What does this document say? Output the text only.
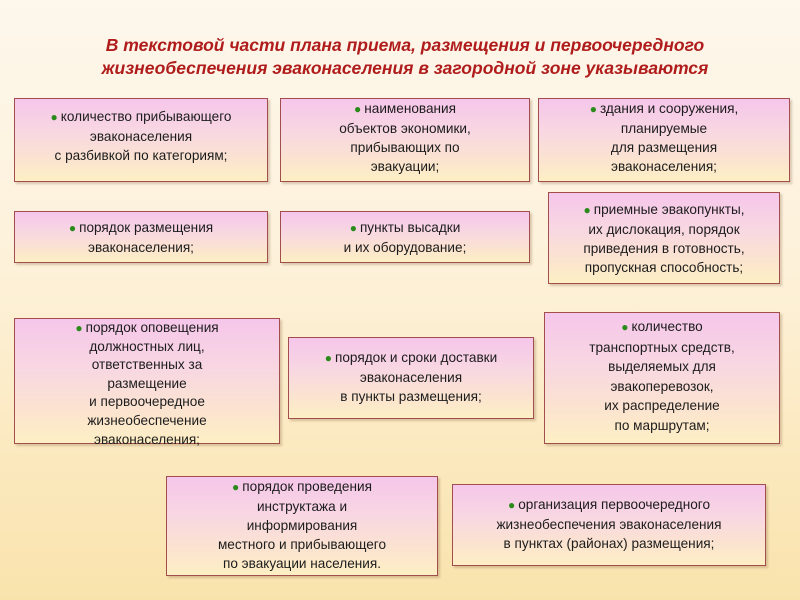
В текстовой части плана приема, размещения и первоочередного
жизнеобеспечения эваконаселения в загородной зоне указываются
● количество прибывающего
эваконаселения
с разбивкой по категориям;
● наименования
объектов экономики,
прибывающих по
эвакуации;
● здания и сооружения,
планируемые
для размещения
эваконаселения;
● порядок размещения
эваконаселения;
● пункты высадки
и их оборудование;
● приемные эвакопункты,
их дислокация, порядок
приведения в готовность,
пропускная способность;
● порядок оповещения
должностных лиц,
ответственных за
размещение
и первоочередное
жизнеобеспечение
эваконаселения;
● порядок и сроки доставки
эваконаселения
в пункты размещения;
● количество
транспортных средств,
выделяемых для
эвакоперевозок,
их распределение
по маршрутам;
● порядок проведения
инструктажа и
информирования
местного и прибывающего
по эвакуации населения.
● организация первоочередного
жизнеобеспечения эваконаселения
в пунктах (районах) размещения;
